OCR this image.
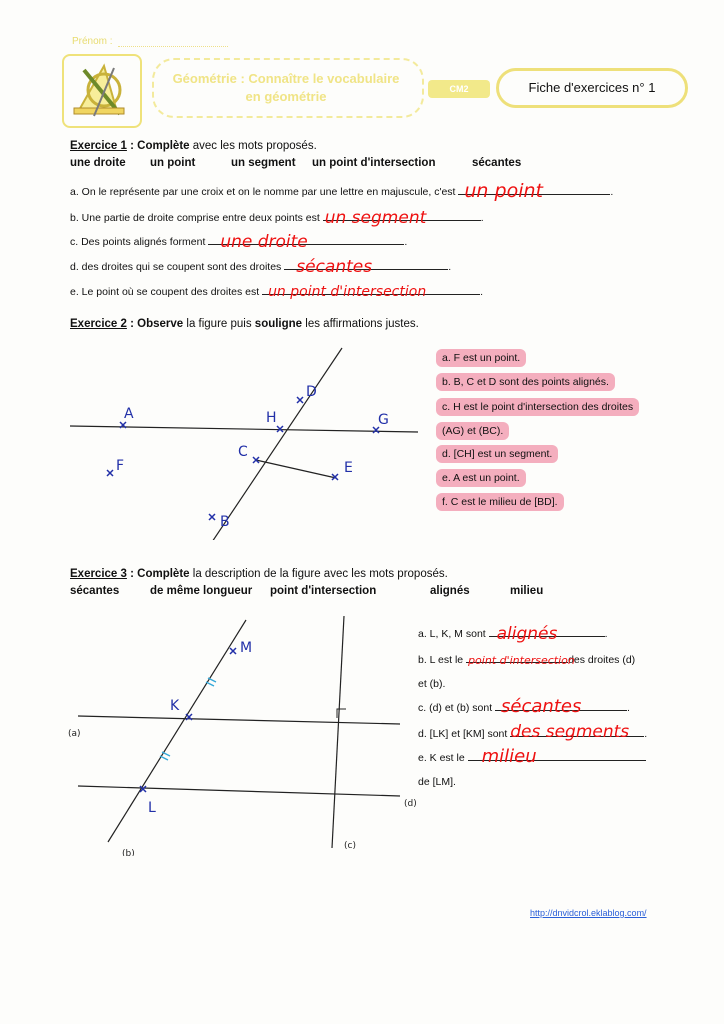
Prénom :
Géométrie : Connaître le vocabulaire
en géométrie	CM2	Fiche d'exercices n° 1
Exercice 1 : Complète avec les mots proposés.
une droite un point	un segment un point d'intersection	sécantes
a. On le représente par une croix et on le nomme par une lettre en majuscule, c'est un point	.
b. Une partie de droite comprise entre deux points est un segment	.
c. Des points alignés forment une droite	.
d. des droites qui se coupent sont des droites sécantes	.
e. Le point où se coupent des droites est un point d'intersection	.
Exercice 2 : Observe la figure puis souligne les affirmations justes.
A	G
H
D
C
B
E
F
a. F est un point.
b. B, C et D sont des points alignés.
c. H est le point d'intersection des droites
(AG) et (BC).
d. [CH] est un segment.
e. A est un point.
f. C est le milieu de [BD].
Exercice 3 : Complète la description de la figure avec les mots proposés.
sécantes	de même longueur point d'intersection	alignés	milieu
K
L
M
(a)
(b)
(c)
(d)
a. L, K, M sont alignés	.
b. L est le point d'intersection
des droites (d)
et (b).
c. (d) et (b) sont sécantes	.
d. [LK] et [KM] sont des segments .
e. K est le milieu
de [LM].
http://dnvidcrol.eklablog.com/
